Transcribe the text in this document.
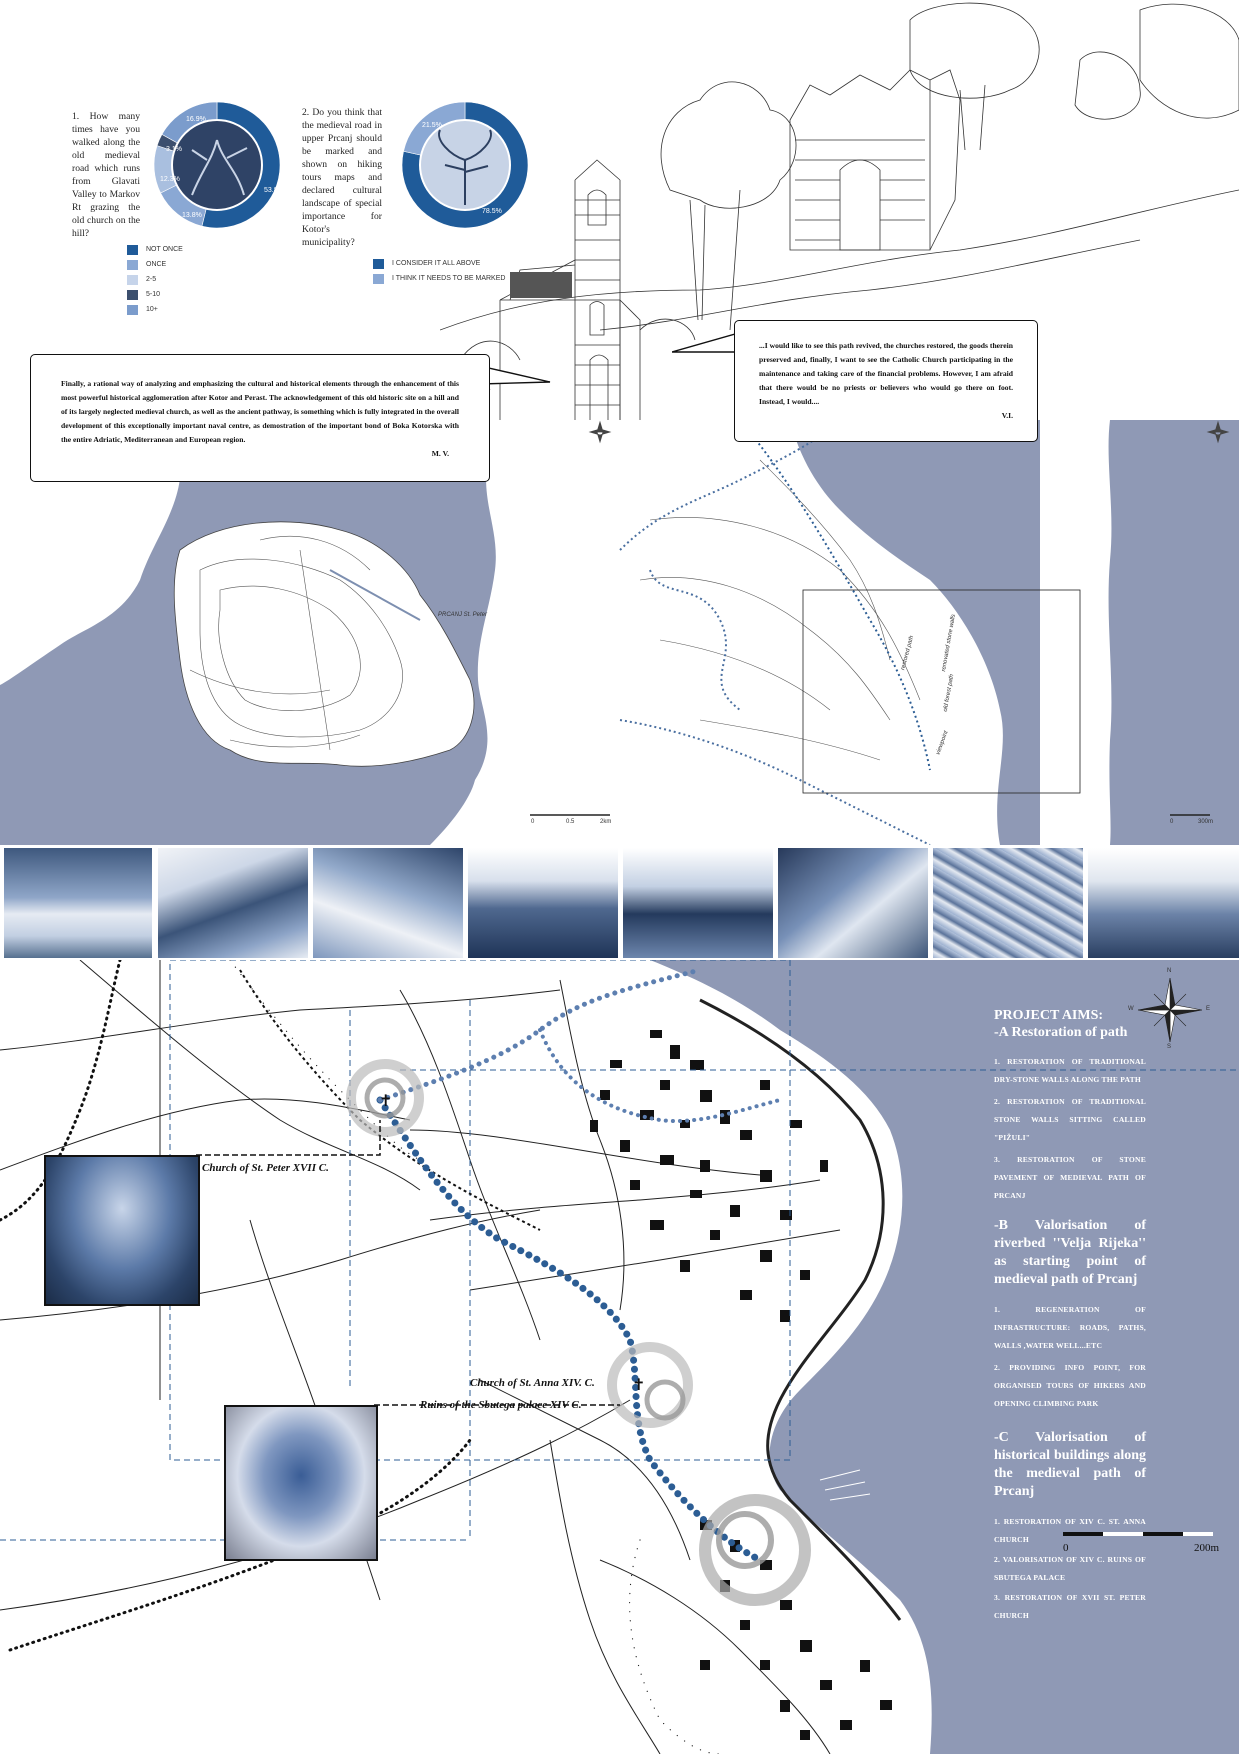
1. How many times have you walked along the old medieval road which runs from Glavati Valley to Markov Rt grazing the old church on the hill?
53.8%
13.8%
12.3%
3.1%
16.9%
NOT ONCE
ONCE
2-5
5-10
10+
2. Do you think that the medieval road in upper Prcanj should be marked and shown on hiking tours maps and declared cultural landscape of special importance for Kotor's municipality?
78.5%
21.5%
I CONSIDER IT ALL ABOVE
I THINK IT NEEDS TO BE MARKED
0	0.5	2km	0	300m
PRCANJ St. Peter
old forest path
renovated stone walls
restored path
viewpoint
Finally, a rational way of analyzing and emphasizing the cultural and historical elements through the enhancement of this most powerful historical agglomeration after Kotor and Perast. The acknowledgement of this old historic site on a hill and of its largely neglected medieval church, as well as the ancient pathway, is something which is fully integrated in the overall development of this exceptionally important naval centre, as demostration of the important bond of Boka Kotorska with the entire Adriatic, Mediterranean and European region.
M. V.
...I would like to see this path revived, the churches restored, the goods therein preserved and, finally, I want to see the Catholic Church participating in the maintenance and taking care of the financial problems. However, I am afraid that there would be no priests or believers who would go there on foot. Instead, I would....
V.I.
✝
✝
N
E
S
W
Church of St. Peter XVII C.
Church of St. Anna XIV. C.
Ruins of the Sbutega palace XIV C.
0	200m
PROJECT AIMS:
-A Restoration of path
1. RESTORATION OF TRADITIONAL DRY-STONE WALLS ALONG THE PATH
2. RESTORATION OF TRADITIONAL STONE WALLS SITTING CALLED "PIŽULI"
3. RESTORATION OF STONE PAVEMENT OF MEDIEVAL PATH OF PRCANJ
-B Valorisation of riverbed ''Velja Rijeka'' as starting point of medieval path of Prcanj
1. REGENERATION OF INFRASTRUCTURE: ROADS, PATHS, WALLS ,WATER WELL...ETC
2. PROVIDING INFO POINT, FOR ORGANISED TOURS OF HIKERS AND OPENING CLIMBING PARK
-C Valorisation of historical buildings along the medieval path of Prcanj
1. RESTORATION OF XIV C. ST. ANNA CHURCH
2. VALORISATION OF XIV C. RUINS OF SBUTEGA PALACE
3. RESTORATION OF XVII ST. PETER CHURCH
